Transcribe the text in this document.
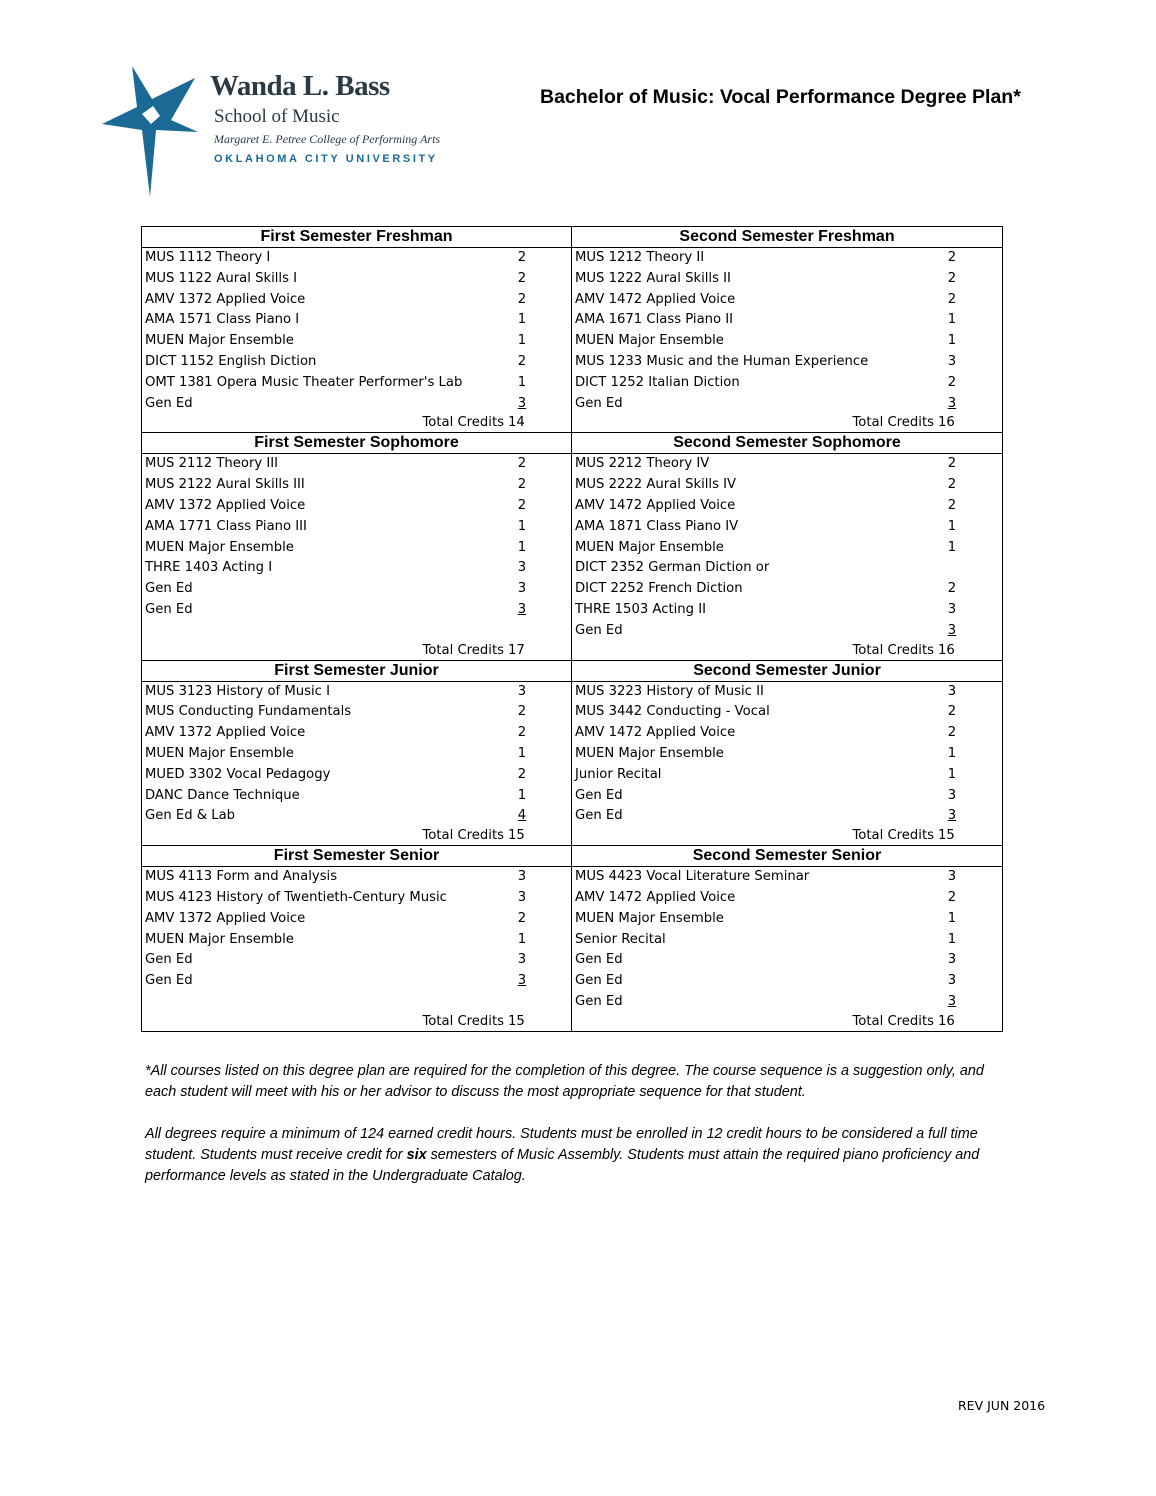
Wanda L. Bass
School of Music
Margaret E. Petree College of Performing Arts
OKLAHOMA CITY UNIVERSITY
Bachelor of Music: Vocal Performance Degree Plan*
First Semester Freshman
MUS 1112 Theory I	2
MUS 1122 Aural Skills I	2
AMV 1372 Applied Voice	2
AMA 1571 Class Piano I	1
MUEN Major Ensemble	1
DICT 1152 English Diction	2
OMT 1381 Opera Music Theater Performer's Lab	1
Gen Ed	3
Total Credits 14
Second Semester Freshman
MUS 1212 Theory II	2
MUS 1222 Aural Skills II	2
AMV 1472 Applied Voice	2
AMA 1671 Class Piano II	1
MUEN Major Ensemble	1
MUS 1233 Music and the Human Experience	3
DICT 1252 Italian Diction	2
Gen Ed	3
Total Credits 16
First Semester Sophomore
MUS 2112 Theory III	2
MUS 2122 Aural Skills III	2
AMV 1372 Applied Voice	2
AMA 1771 Class Piano III	1
MUEN Major Ensemble	1
THRE 1403 Acting I	3
Gen Ed	3
Gen Ed	3
Total Credits 17
Second Semester Sophomore
MUS 2212 Theory IV	2
MUS 2222 Aural Skills IV	2
AMV 1472 Applied Voice	2
AMA 1871 Class Piano IV	1
MUEN Major Ensemble	1
DICT 2352 German Diction or
DICT 2252 French Diction	2
THRE 1503 Acting II	3
Gen Ed	3
Total Credits 16
First Semester Junior
MUS 3123 History of Music I	3
MUS Conducting Fundamentals	2
AMV 1372 Applied Voice	2
MUEN Major Ensemble	1
MUED 3302 Vocal Pedagogy	2
DANC Dance Technique	1
Gen Ed & Lab	4
Total Credits 15
Second Semester Junior
MUS 3223 History of Music II	3
MUS 3442 Conducting - Vocal	2
AMV 1472 Applied Voice	2
MUEN Major Ensemble	1
Junior Recital	1
Gen Ed	3
Gen Ed	3
Total Credits 15
First Semester Senior
MUS 4113 Form and Analysis	3
MUS 4123 History of Twentieth-Century Music	3
AMV 1372 Applied Voice	2
MUEN Major Ensemble	1
Gen Ed	3
Gen Ed	3
Total Credits 15
Second Semester Senior
MUS 4423 Vocal Literature Seminar	3
AMV 1472 Applied Voice	2
MUEN Major Ensemble	1
Senior Recital	1
Gen Ed	3
Gen Ed	3
Gen Ed	3
Total Credits 16

*All courses listed on this degree plan are required for the completion of this degree. The course sequence is a suggestion only, and each student will meet with his or her advisor to discuss the most appropriate sequence for that student.

All degrees require a minimum of 124 earned credit hours. Students must be enrolled in 12 credit hours to be considered a full time student. Students must receive credit for six semesters of Music Assembly. Students must attain the required piano proficiency and performance levels as stated in the Undergraduate Catalog.

REV JUN 2016
